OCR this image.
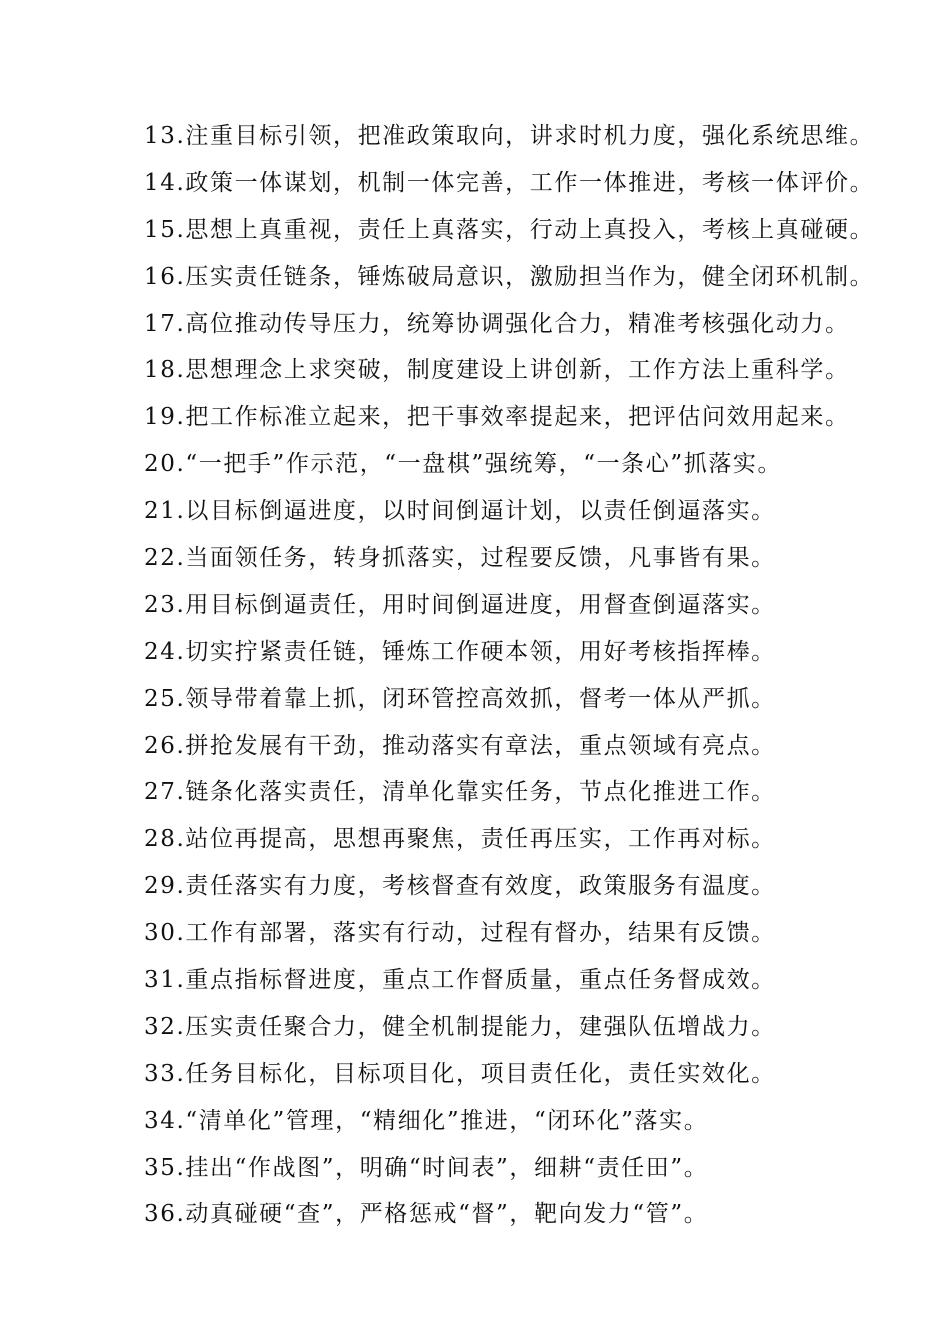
13.注重目标引领，把准政策取向，讲求时机力度，强化系统思维。
14.政策一体谋划，机制一体完善，工作一体推进，考核一体评价。
15.思想上真重视，责任上真落实，行动上真投入，考核上真碰硬。
16.压实责任链条，锤炼破局意识，激励担当作为，健全闭环机制。
17.高位推动传导压力，统筹协调强化合力，精准考核强化动力。
18.思想理念上求突破，制度建设上讲创新，工作方法上重科学。
19.把工作标准立起来，把干事效率提起来，把评估问效用起来。
20.“一把手”作示范，“一盘棋”强统筹，“一条心”抓落实。
21.以目标倒逼进度，以时间倒逼计划，以责任倒逼落实。
22.当面领任务，转身抓落实，过程要反馈，凡事皆有果。
23.用目标倒逼责任，用时间倒逼进度，用督查倒逼落实。
24.切实拧紧责任链，锤炼工作硬本领，用好考核指挥棒。
25.领导带着靠上抓，闭环管控高效抓，督考一体从严抓。
26.拼抢发展有干劲，推动落实有章法，重点领域有亮点。
27.链条化落实责任，清单化靠实任务，节点化推进工作。
28.站位再提高，思想再聚焦，责任再压实，工作再对标。
29.责任落实有力度，考核督查有效度，政策服务有温度。
30.工作有部署，落实有行动，过程有督办，结果有反馈。
31.重点指标督进度，重点工作督质量，重点任务督成效。
32.压实责任聚合力，健全机制提能力，建强队伍增战力。
33.任务目标化，目标项目化，项目责任化，责任实效化。
34.“清单化”管理，“精细化”推进，“闭环化”落实。
35.挂出“作战图”，明确“时间表”，细耕“责任田”。
36.动真碰硬“查”，严格惩戒“督”，靶向发力“管”。
